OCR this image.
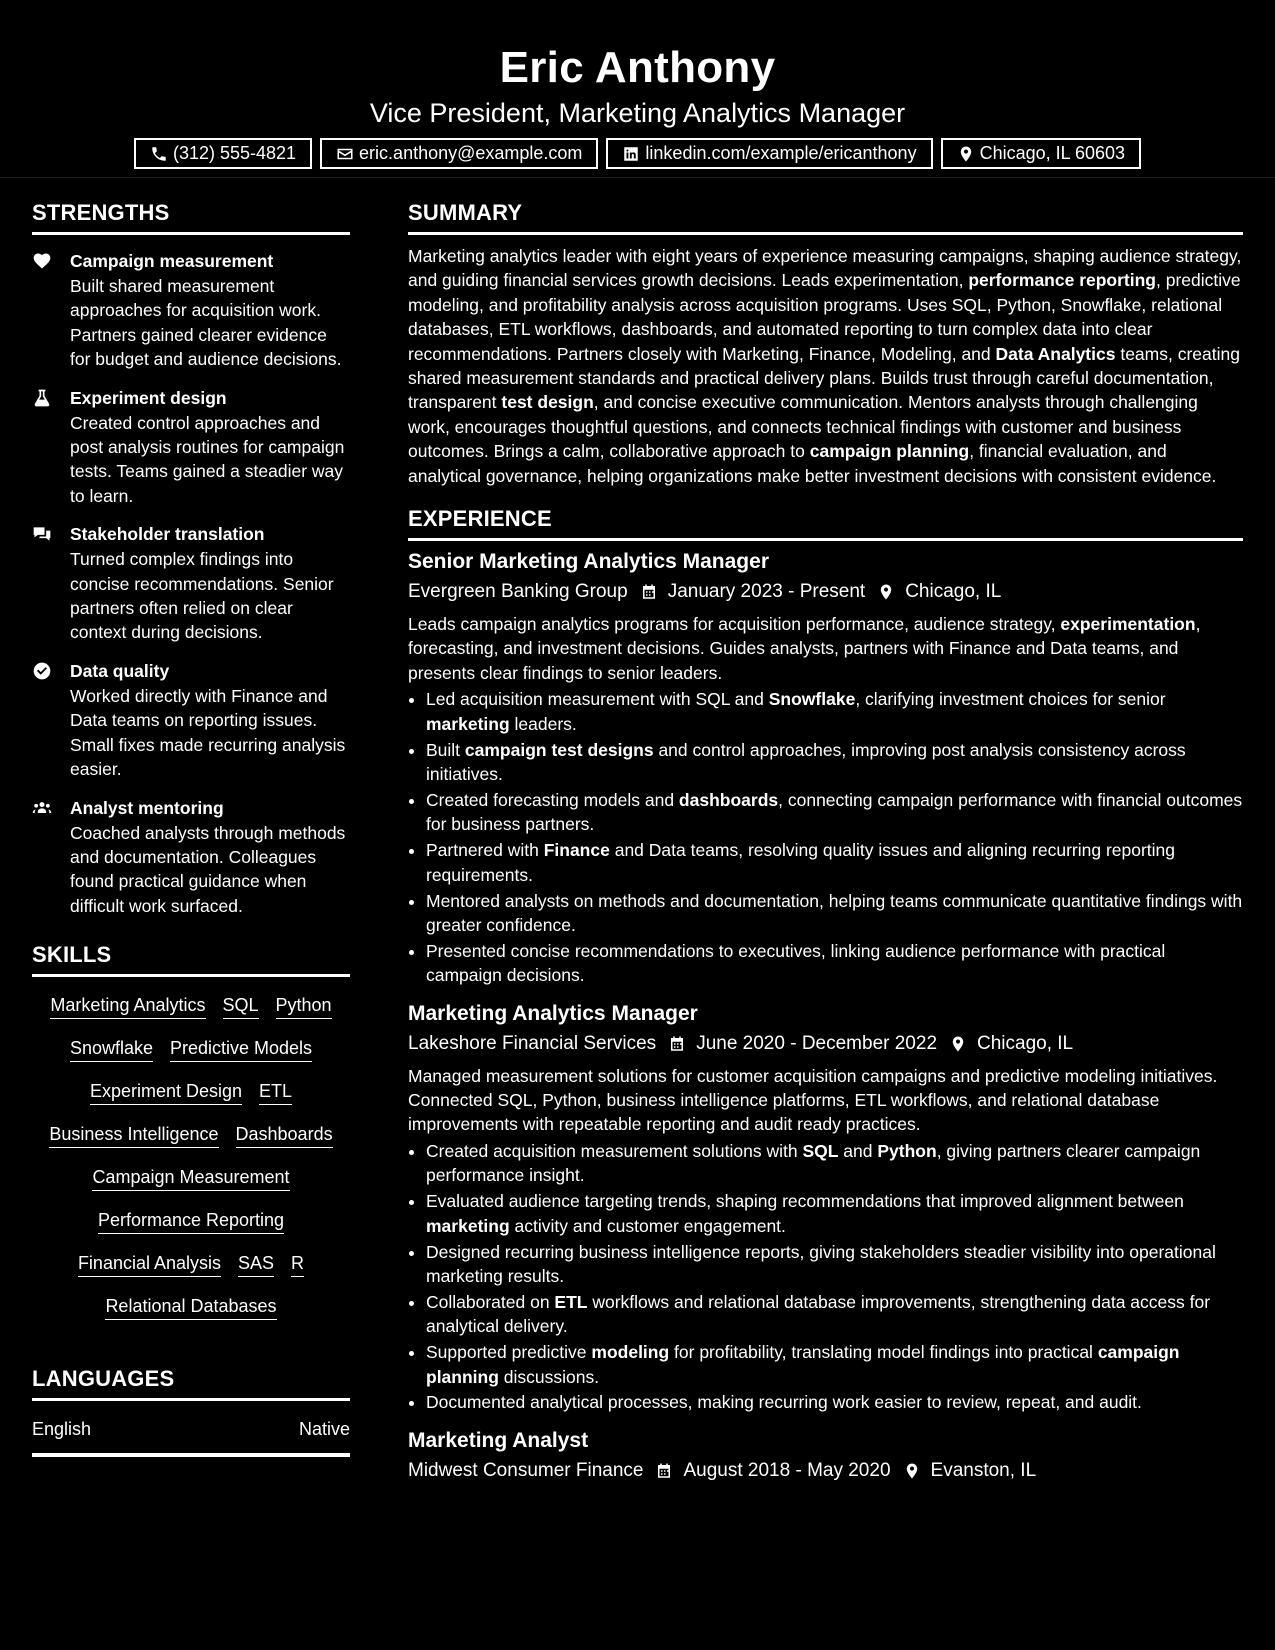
Eric Anthony
Vice President, Marketing Analytics Manager
(312) 555-4821	eric.anthony@example.com	linkedin.com/example/ericanthony	Chicago, IL 60603
STRENGTHS
Campaign measurement
Built shared measurement approaches for acquisition work. Partners gained clearer evidence for budget and audience decisions.
Experiment design
Created control approaches and post analysis routines for campaign tests. Teams gained a steadier way to learn.
Stakeholder translation
Turned complex findings into concise recommendations. Senior partners often relied on clear context during decisions.
Data quality
Worked directly with Finance and Data teams on reporting issues. Small fixes made recurring analysis easier.
Analyst mentoring
Coached analysts through methods and documentation. Colleagues found practical guidance when difficult work surfaced.
SKILLS
Marketing Analytics SQL Python
Snowflake Predictive Models
Experiment Design ETL
Business Intelligence Dashboards
Campaign Measurement
Performance Reporting
Financial Analysis SAS R
Relational Databases
LANGUAGES
English	Native
SUMMARY
Marketing analytics leader with eight years of experience measuring campaigns, shaping audience strategy, and guiding financial services growth decisions. Leads experimentation, performance reporting, predictive modeling, and profitability analysis across acquisition programs. Uses SQL, Python, Snowflake, relational databases, ETL workflows, dashboards, and automated reporting to turn complex data into clear recommendations. Partners closely with Marketing, Finance, Modeling, and Data Analytics teams, creating shared measurement standards and practical delivery plans. Builds trust through careful documentation, transparent test design, and concise executive communication. Mentors analysts through challenging work, encourages thoughtful questions, and connects technical findings with customer and business outcomes. Brings a calm, collaborative approach to campaign planning, financial evaluation, and analytical governance, helping organizations make better investment decisions with consistent evidence.
EXPERIENCE
Senior Marketing Analytics Manager
Evergreen Banking Group January 2023 - Present Chicago, IL
Leads campaign analytics programs for acquisition performance, audience strategy, experimentation, forecasting, and investment decisions. Guides analysts, partners with Finance and Data teams, and presents clear findings to senior leaders.
• Led acquisition measurement with SQL and Snowflake, clarifying investment choices for senior marketing leaders.
• Built campaign test designs and control approaches, improving post analysis consistency across initiatives.
• Created forecasting models and dashboards, connecting campaign performance with financial outcomes for business partners.
• Partnered with Finance and Data teams, resolving quality issues and aligning recurring reporting requirements.
• Mentored analysts on methods and documentation, helping teams communicate quantitative findings with greater confidence.
• Presented concise recommendations to executives, linking audience performance with practical campaign decisions.
Marketing Analytics Manager
Lakeshore Financial Services June 2020 - December 2022 Chicago, IL
Managed measurement solutions for customer acquisition campaigns and predictive modeling initiatives. Connected SQL, Python, business intelligence platforms, ETL workflows, and relational database improvements with repeatable reporting and audit ready practices.
• Created acquisition measurement solutions with SQL and Python, giving partners clearer campaign performance insight.
• Evaluated audience targeting trends, shaping recommendations that improved alignment between marketing activity and customer engagement.
• Designed recurring business intelligence reports, giving stakeholders steadier visibility into operational marketing results.
• Collaborated on ETL workflows and relational database improvements, strengthening data access for analytical delivery.
• Supported predictive modeling for profitability, translating model findings into practical campaign planning discussions.
• Documented analytical processes, making recurring work easier to review, repeat, and audit.
Marketing Analyst
Midwest Consumer Finance August 2018 - May 2020 Evanston, IL
